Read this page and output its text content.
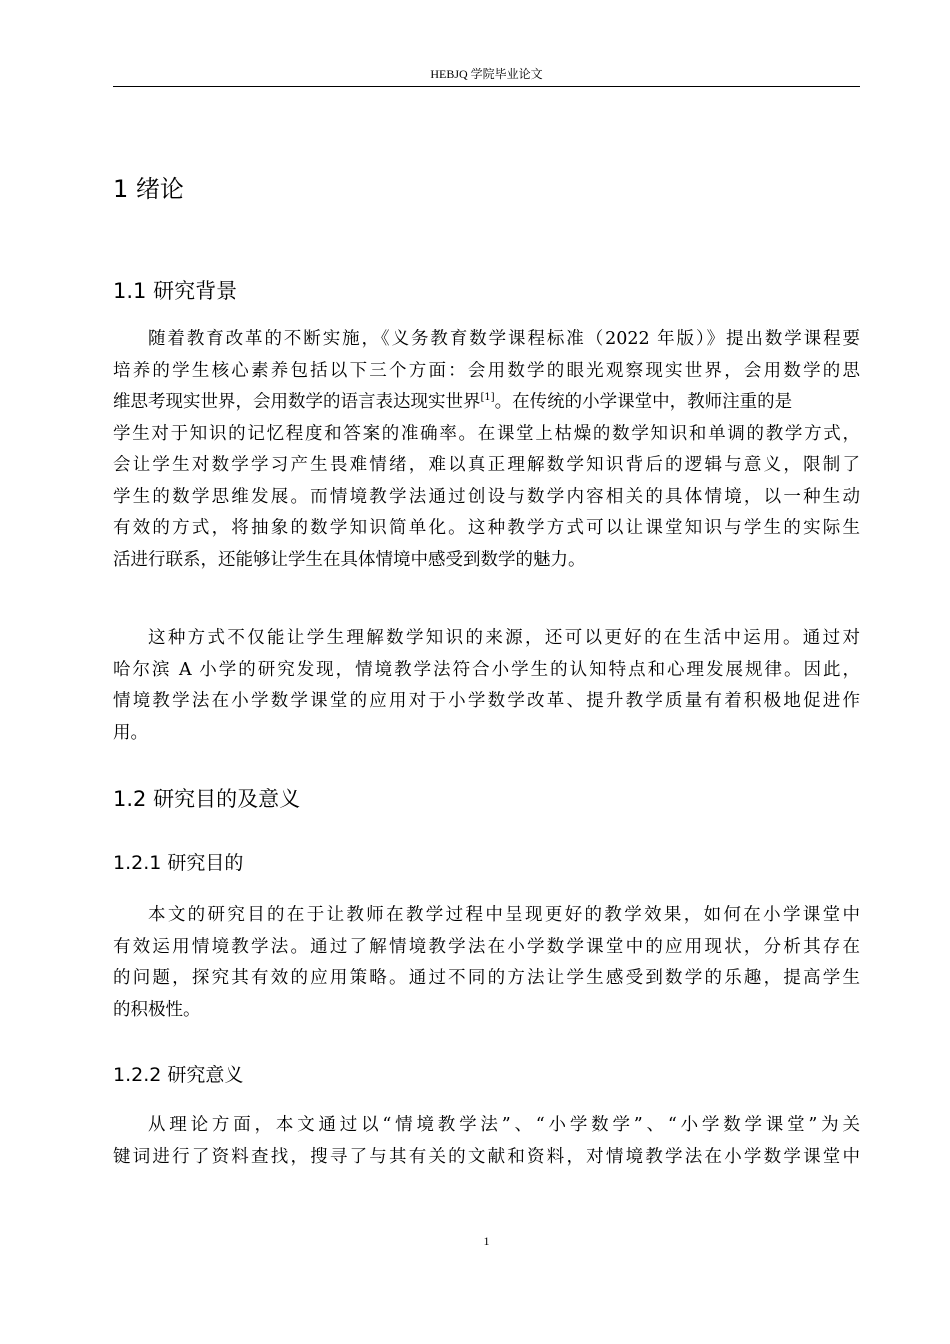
HEBJQ 学院毕业论文
1 绪论
1.1 研究背景
随着教育改革的不断实施，《义务教育数学课程标准（2022 年版）》提出数学课程要
培养的学生核心素养包括以下三个方面：会用数学的眼光观察现实世界，会用数学的思
维思考现实世界，会用数学的语言表达现实世界[1]。在传统的小学课堂中，教师注重的是
学生对于知识的记忆程度和答案的准确率。在课堂上枯燥的数学知识和单调的教学方式，
会让学生对数学学习产生畏难情绪，难以真正理解数学知识背后的逻辑与意义，限制了
学生的数学思维发展。而情境教学法通过创设与数学内容相关的具体情境，以一种生动
有效的方式，将抽象的数学知识简单化。这种教学方式可以让课堂知识与学生的实际生
活进行联系，还能够让学生在具体情境中感受到数学的魅力。
这种方式不仅能让学生理解数学知识的来源，还可以更好的在生活中运用。通过对
哈尔滨 A 小学的研究发现，情境教学法符合小学生的认知特点和心理发展规律。因此，
情境教学法在小学数学课堂的应用对于小学数学改革、提升教学质量有着积极地促进作
用。
1.2 研究目的及意义
1.2.1 研究目的
本文的研究目的在于让教师在教学过程中呈现更好的教学效果，如何在小学课堂中
有效运用情境教学法。通过了解情境教学法在小学数学课堂中的应用现状，分析其存在
的问题，探究其有效的应用策略。通过不同的方法让学生感受到数学的乐趣，提高学生
的积极性。
1.2.2 研究意义
从理论方面，本文通过以“情境教学法”、“小学数学”、“小学数学课堂”为关
键词进行了资料查找，搜寻了与其有关的文献和资料，对情境教学法在小学数学课堂中
1
